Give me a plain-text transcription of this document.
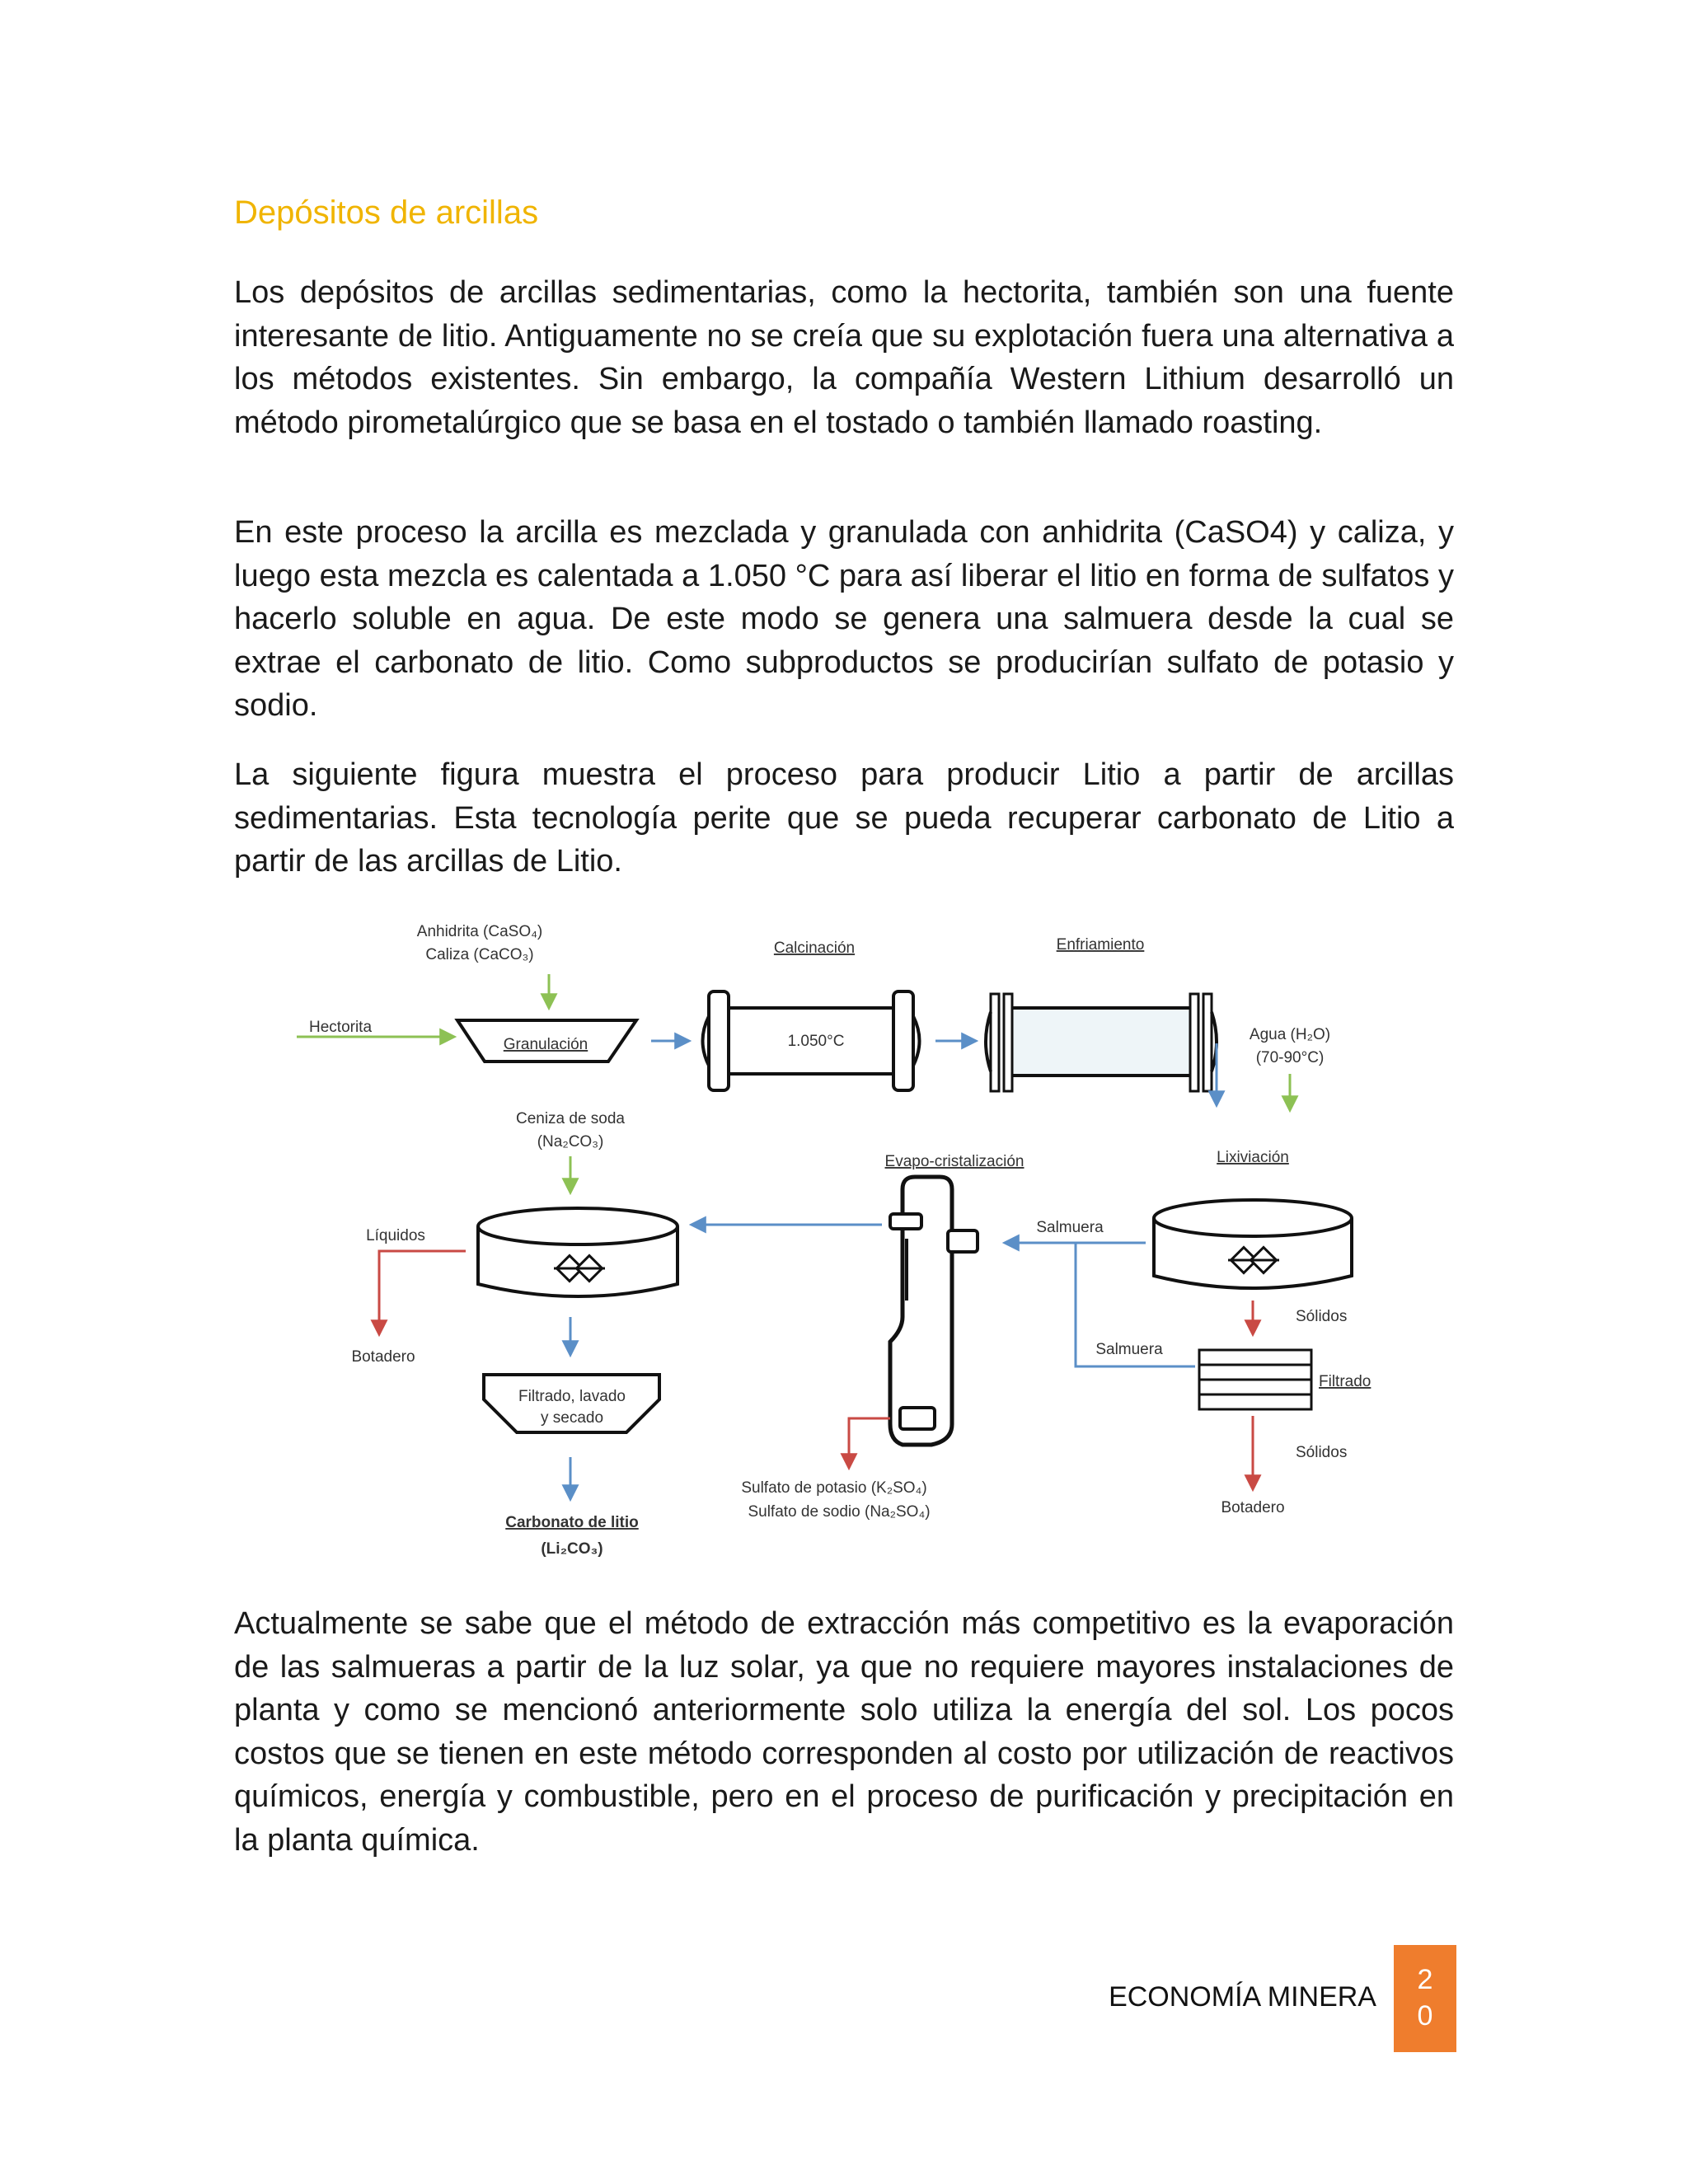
Depósitos de arcillas

Los depósitos de arcillas sedimentarias, como la hectorita, también son una fuente interesante de litio. Antiguamente no se creía que su explotación fuera una alternativa a los métodos existentes. Sin embargo, la compañía Western Lithium desarrolló un método pirometalúrgico que se basa en el tostado o también llamado roasting.

En este proceso la arcilla es mezclada y granulada con anhidrita (CaSO4) y caliza, y luego esta mezcla es calentada a 1.050 °C para así liberar el litio en forma de sulfatos y hacerlo soluble en agua. De este modo se genera una salmuera desde la cual se extrae el carbonato de litio. Como subproductos se producirían sulfato de potasio y sodio.

La siguiente figura muestra el proceso para producir Litio a partir de arcillas sedimentarias. Esta tecnología perite que se pueda recuperar carbonato de Litio a partir de las arcillas de Litio.

Anhidrita (CaSO₄)
Caliza (CaCO₃)
Hectorita
Granulación
Calcinación
1.050°C
Enfriamiento
Agua (H₂O)
(70-90°C)
Lixiviación
Salmuera
Sólidos
Filtrado
Salmuera
Sólidos
Botadero
Evapo-cristalización
Sulfato de potasio (K₂SO₄)
Sulfato de sodio (Na₂SO₄)
Ceniza de soda
(Na₂CO₃)
Líquidos
Botadero
Filtrado, lavado
y secado
Carbonato de litio
(Li₂CO₃)

Actualmente se sabe que el método de extracción más competitivo es la evaporación de las salmueras a partir de la luz solar, ya que no requiere mayores instalaciones de planta y como se mencionó anteriormente solo utiliza la energía del sol. Los pocos costos que se tienen en este método corresponden al costo por utilización de reactivos químicos, energía y combustible, pero en el proceso de purificación y precipitación en la planta química.

ECONOMÍA MINERA
2
0
